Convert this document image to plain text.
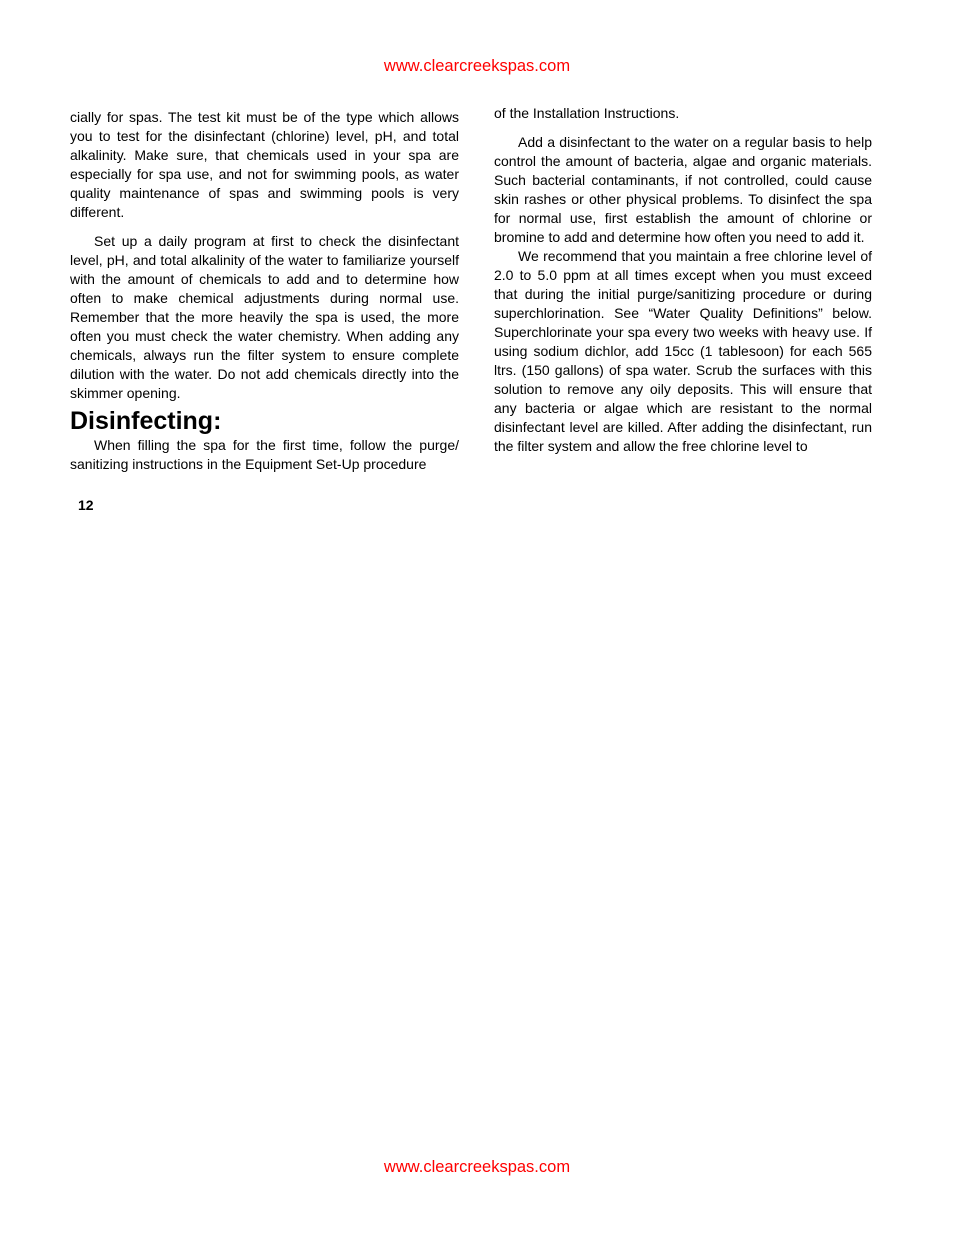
www.clearcreekspas.com

cially for spas. The test kit must be of the type which allows you to test for the disinfectant (chlorine) level, pH, and total alkalinity. Make sure, that chemicals used in your spa are especially for spa use, and not for swimming pools, as water quality maintenance of spas and swimming pools is very different.

Set up a daily program at first to check the disinfectant level, pH, and total alkalinity of the water to familiarize yourself with the amount of chemicals to add and to determine how often to make chemical adjustments during normal use. Remember that the more heavily the spa is used, the more often you must check the water chemistry. When adding any chemicals, always run the filter system to ensure complete dilution with the water. Do not add chemicals directly into the skimmer opening.

Disinfecting:

When filling the spa for the first time, follow the purge/ sanitizing instructions in the Equipment Set-Up procedure

of the Installation Instructions.

Add a disinfectant to the water on a regular basis to help control the amount of bacteria, algae and organic materials. Such bacterial contaminants, if not controlled, could cause skin rashes or other physical problems. To disinfect the spa for normal use, first establish the amount of chlorine or bromine to add and determine how often you need to add it.

We recommend that you maintain a free chlorine level of 2.0 to 5.0 ppm at all times except when you must exceed that during the initial purge/sanitizing procedure or during superchlorination. See “Water Quality Definitions” below. Superchlorinate your spa every two weeks with heavy use. If using sodium dichlor, add 15cc (1 tablesoon) for each 565 ltrs. (150 gallons) of spa water. Scrub the surfaces with this solution to remove any oily deposits. This will ensure that any bacteria or algae which are resistant to the normal disinfectant level are killed. After adding the disinfectant, run the filter system and allow the free chlorine level to

12
www.clearcreekspas.com
